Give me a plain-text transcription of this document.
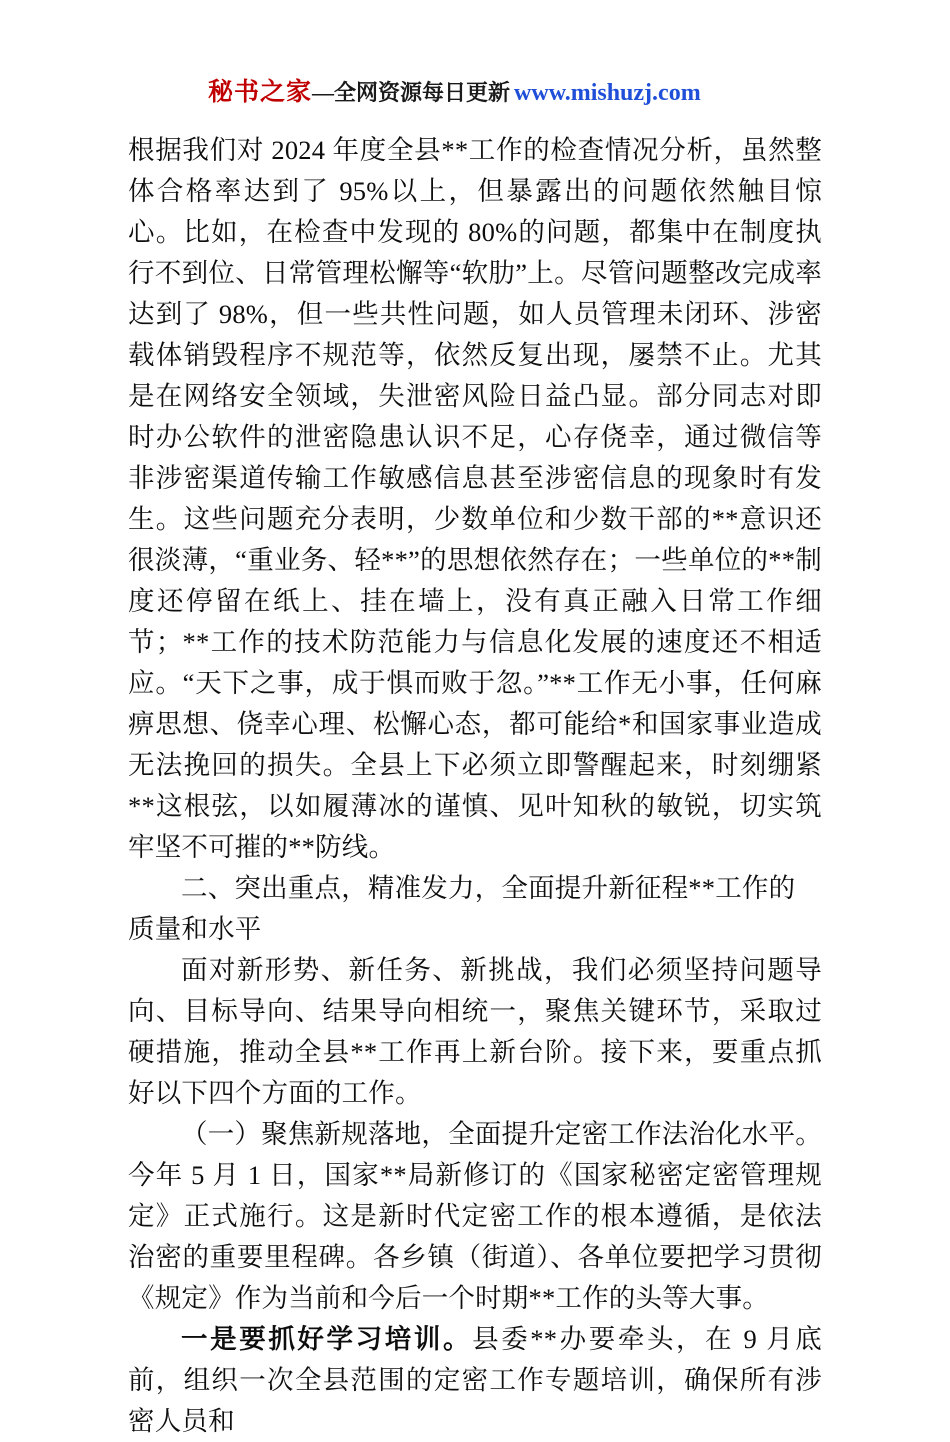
秘书之家—全网资源每日更新 www.mishuzj.com

根据我们对 2024 年度全县**工作的检查情况分析，虽然整体合格率达到了 95%以上，但暴露出的问题依然触目惊心。比如，在检查中发现的 80%的问题，都集中在制度执行不到位、日常管理松懈等“软肋”上。尽管问题整改完成率达到了 98%，但一些共性问题，如人员管理未闭环、涉密载体销毁程序不规范等，依然反复出现，屡禁不止。尤其是在网络安全领域，失泄密风险日益凸显。部分同志对即时办公软件的泄密隐患认识不足，心存侥幸，通过微信等非涉密渠道传输工作敏感信息甚至涉密信息的现象时有发生。这些问题充分表明，少数单位和少数干部的**意识还很淡薄，“重业务、轻**”的思想依然存在；一些单位的**制度还停留在纸上、挂在墙上，没有真正融入日常工作细节；**工作的技术防范能力与信息化发展的速度还不相适应。“天下之事，成于惧而败于忽。”**工作无小事，任何麻痹思想、侥幸心理、松懈心态，都可能给*和国家事业造成无法挽回的损失。全县上下必须立即警醒起来，时刻绷紧**这根弦，以如履薄冰的谨慎、见叶知秋的敏锐，切实筑牢坚不可摧的**防线。

二、突出重点，精准发力，全面提升新征程**工作的

质量和水平

面对新形势、新任务、新挑战，我们必须坚持问题导向、目标导向、结果导向相统一，聚焦关键环节，采取过硬措施，推动全县**工作再上新台阶。接下来，要重点抓好以下四个方面的工作。

（一）聚焦新规落地，全面提升定密工作法治化水平。今年 5 月 1 日，国家**局新修订的《国家秘密定密管理规定》正式施行。这是新时代定密工作的根本遵循，是依法治密的重要里程碑。各乡镇（街道）、各单位要把学习贯彻《规定》作为当前和今后一个时期**工作的头等大事。

一是要抓好学习培训。县委**办要牵头，在 9 月底前，组织一次全县范围的定密工作专题培训，确保所有涉密人员和
